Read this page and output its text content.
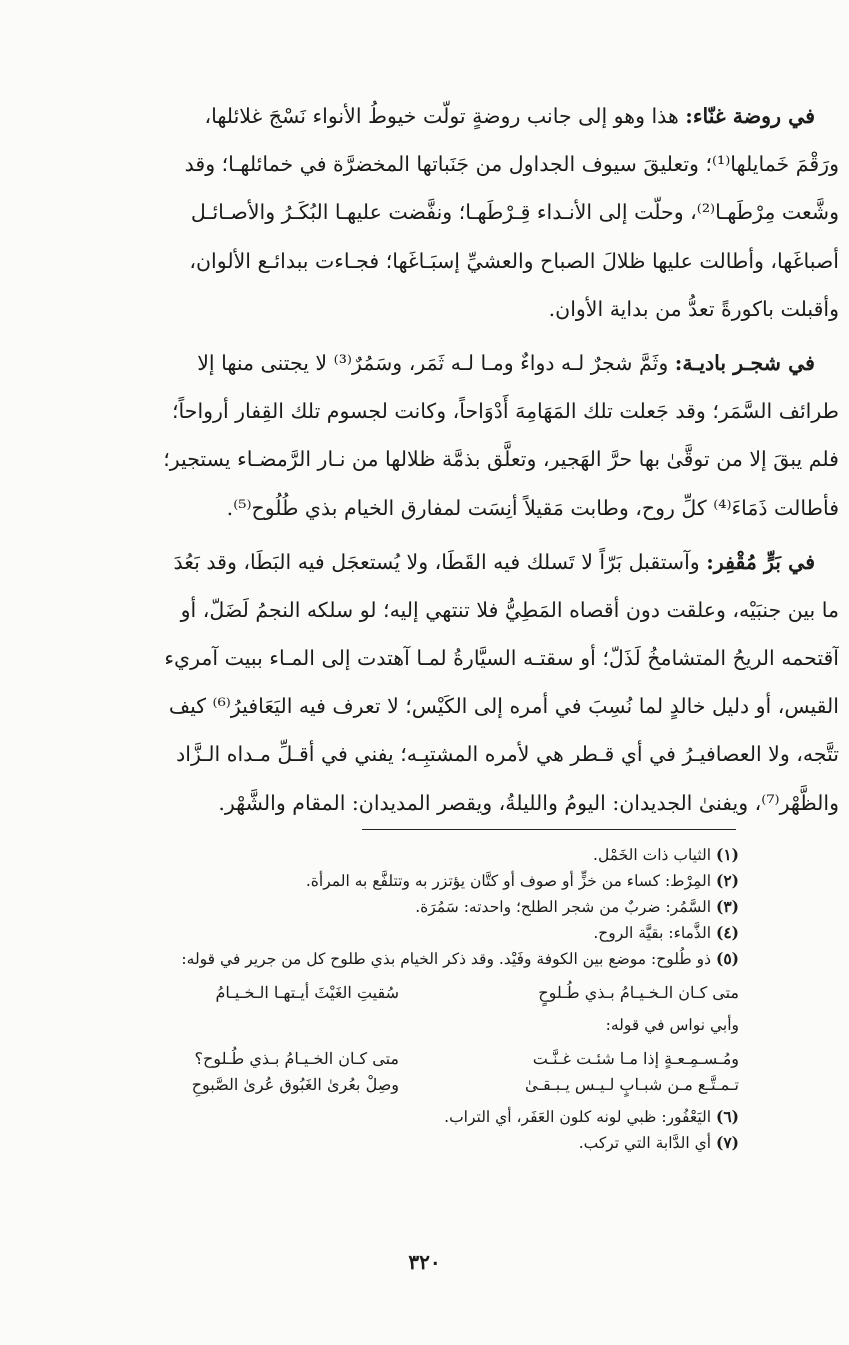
في روضة غنّاء: هذا وهو إلى جانب روضةٍ تولّت خيوطُ الأنواء نَسْجَ غلائلها،
ورَقْمَ خَمايلها⁽¹⁾؛ وتعليقَ سيوف الجداول من جَنَباتها المخضرَّة في خمائلهـا؛ وقد
وشَّعت مِرْطَهـا⁽²⁾، وحلّت إلى الأنـداء قِـرْطَهـا؛ ونفَّضت عليهـا البُكَـرُ والأصـائـل
أصباغَها، وأطالت عليها ظلالَ الصباح والعشيِّ إسبَـاغَها؛ فجـاءت ببدائـع الألوان،
وأقبلت باكورةً تعدُّ من بداية الأوان.
في شجـر باديـة: وثَمَّ شجرٌ لـه دواءٌ ومـا لـه ثَمَر، وسَمُرٌ⁽³⁾ لا يجتنى منها إلا
طرائف السَّمَر؛ وقد جَعلت تلك المَهَامِهَ أَدْوَاحاً، وكانت لجسوم تلك القِفار أرواحاً؛
فلم يبقَ إلا من توقَّىٰ بها حرَّ الهَجير، وتعلَّق بذمَّة ظلالها من نـار الرَّمضـاء يستجير؛
فأطالت ذَمَاءَ⁽⁴⁾ كلِّ روح، وطابت مَقيلاً أنِسَت لمفارق الخيام بذي طُلُوح⁽⁵⁾.
في بَرٍّ مُقْفِر: وآستقبل بَرّاً لا تَسلك فيه القَطَا، ولا يُستعجَل فيه البَطَا، وقد بَعُدَ
ما بين جنبَيْه، وعلقت دون أقصاه المَطِيُّ فلا تنتهي إليه؛ لو سلكه النجمُ لَضَلّ، أو
آقتحمه الريحُ المتشامخُ لَذَلّ؛ أو سقتـه السيَّارةُ لمـا آهتدت إلى المـاء ببيت آمريء
القيس، أو دليل خالدٍ لما نُسِبَ في أمره إلى الكَيْس؛ لا تعرف فيه اليَعَافيرُ⁽⁶⁾ كيف
تتَّجه، ولا العصافيـرُ في أي قـطر هي لأمره المشتبِـه؛ يفني في أقـلِّ مـداه الـزَّاد
والظَّهْر⁽⁷⁾، ويفنىٰ الجديدان: اليومُ والليلةُ، ويقصر المديدان: المقام والشَّهْر.
(١) الثياب ذات الخَمْل.
(٢) المِرْط: كساء من خزٍّ أو صوف أو كتَّان يؤتزر به وتتلفَّع به المرأة.
(٣) السَّمُر: ضربٌ من شجر الطلح؛ واحدته: سَمُرَة.
(٤) الذَّماء: بقيَّة الروح.
(٥) ذو طُلوح: موضع بين الكوفة وفَيْد. وقد ذكر الخيام بذي طلوح كل من جرير في قوله:
متى كـان الـخـيـامُ بـذي طُـلوحٍ
سُقيتِ الغَيْثَ أيـتهـا الـخـيـامُ
وأبي نواس في قوله:
ومُـسـمِـعـةٍ إذا مـا شئـت غـنَّـت
متى كـان الخـيـامُ بـذي طُـلوح؟
تـمـتَّـع مـن شبـابٍ لـيـس يـبـقـىٰ
وصِلْ بعُرىٰ الغَبُوق عُرىٰ الصَّبوحِ
(٦) اليَعْفُور: ظبي لونه كلون العَفَر، أي التراب.
(٧) أي الدَّابة التي تركب.
٣٢٠
